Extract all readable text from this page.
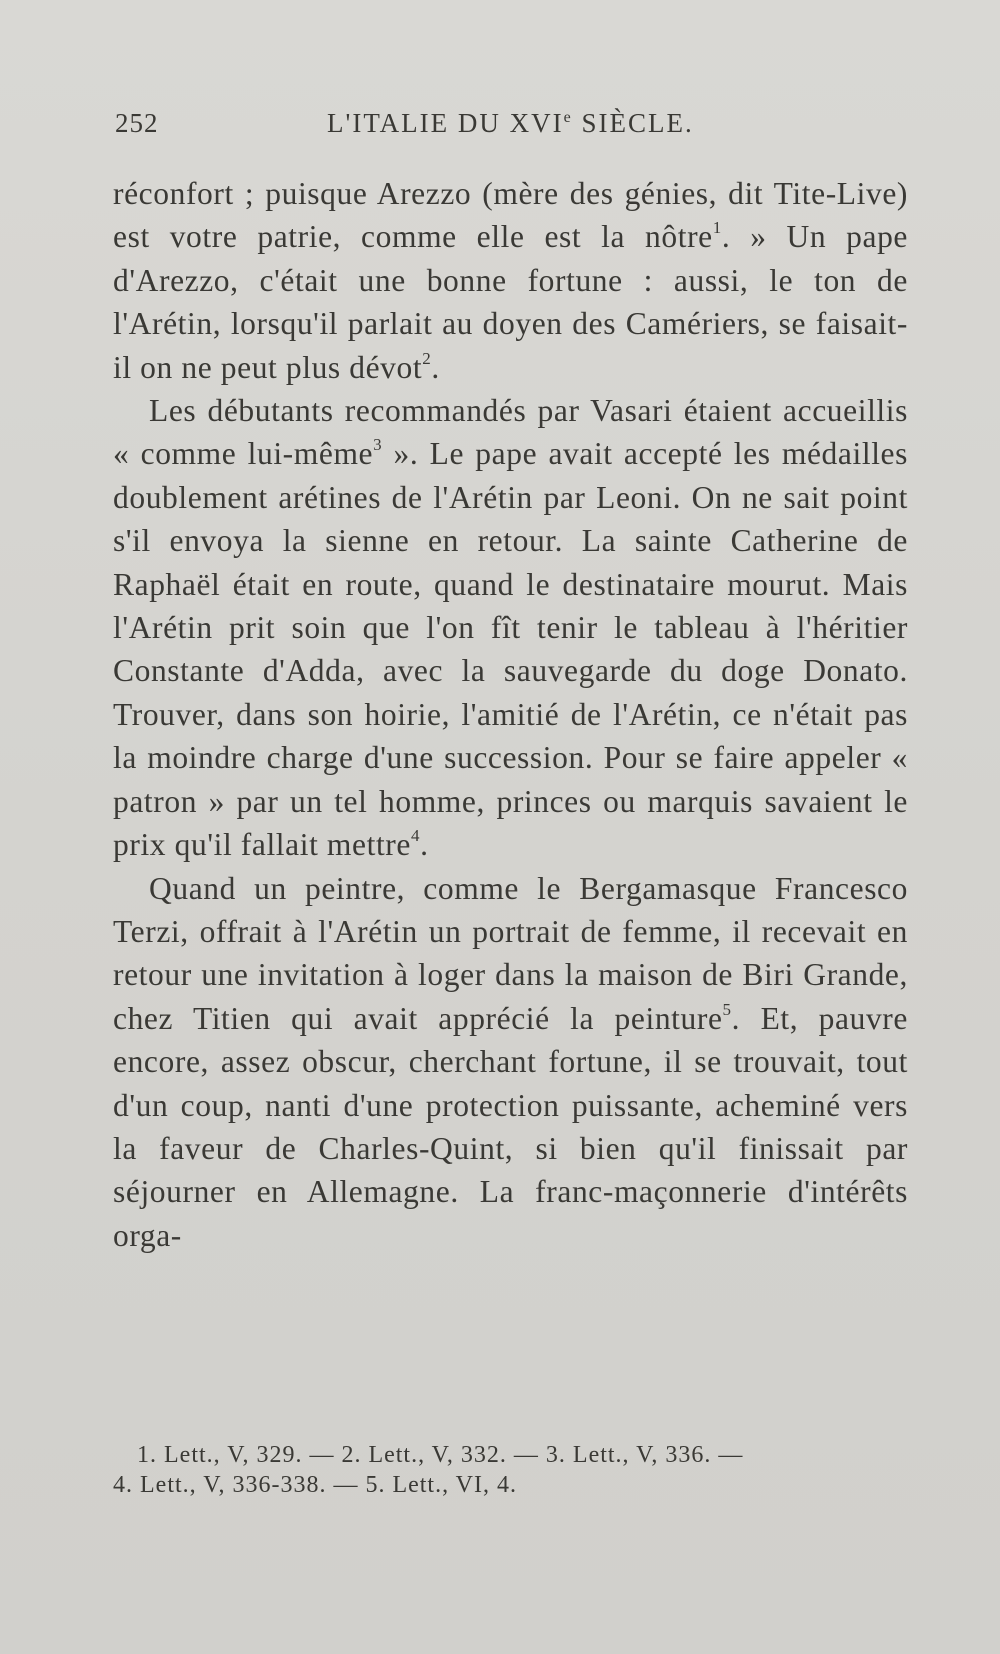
252	L'ITALIE DU XVIe SIÈCLE.

réconfort ; puisque Arezzo (mère des génies, dit Tite-Live) est votre patrie, comme elle est la nôtre$^1$. » Un pape d'Arezzo, c'était une bonne fortune : aussi, le ton de l'Arétin, lorsqu'il parlait au doyen des Camériers, se faisait-il on ne peut plus dévot$^2$.

Les débutants recommandés par Vasari étaient accueillis « comme lui-même$^3$ ». Le pape avait accepté les médailles doublement arétines de l'Arétin par Leoni. On ne sait point s'il envoya la sienne en retour. La sainte Catherine de Raphaël était en route, quand le destinataire mourut. Mais l'Arétin prit soin que l'on fît tenir le tableau à l'héritier Constante d'Adda, avec la sauvegarde du doge Donato. Trouver, dans son hoirie, l'amitié de l'Arétin, ce n'était pas la moindre charge d'une succession. Pour se faire appeler « patron » par un tel homme, princes ou marquis savaient le prix qu'il fallait mettre$^4$.

Quand un peintre, comme le Bergamasque Francesco Terzi, offrait à l'Arétin un portrait de femme, il recevait en retour une invitation à loger dans la maison de Biri Grande, chez Titien qui avait apprécié la peinture$^5$. Et, pauvre encore, assez obscur, cherchant fortune, il se trouvait, tout d'un coup, nanti d'une protection puissante, acheminé vers la faveur de Charles-Quint, si bien qu'il finissait par séjourner en Allemagne. La franc-maçonnerie d'intérêts orga-

1. Lett., V, 329. — 2. Lett., V, 332. — 3. Lett., V, 336. —

4. Lett., V, 336-338. — 5. Lett., VI, 4.
